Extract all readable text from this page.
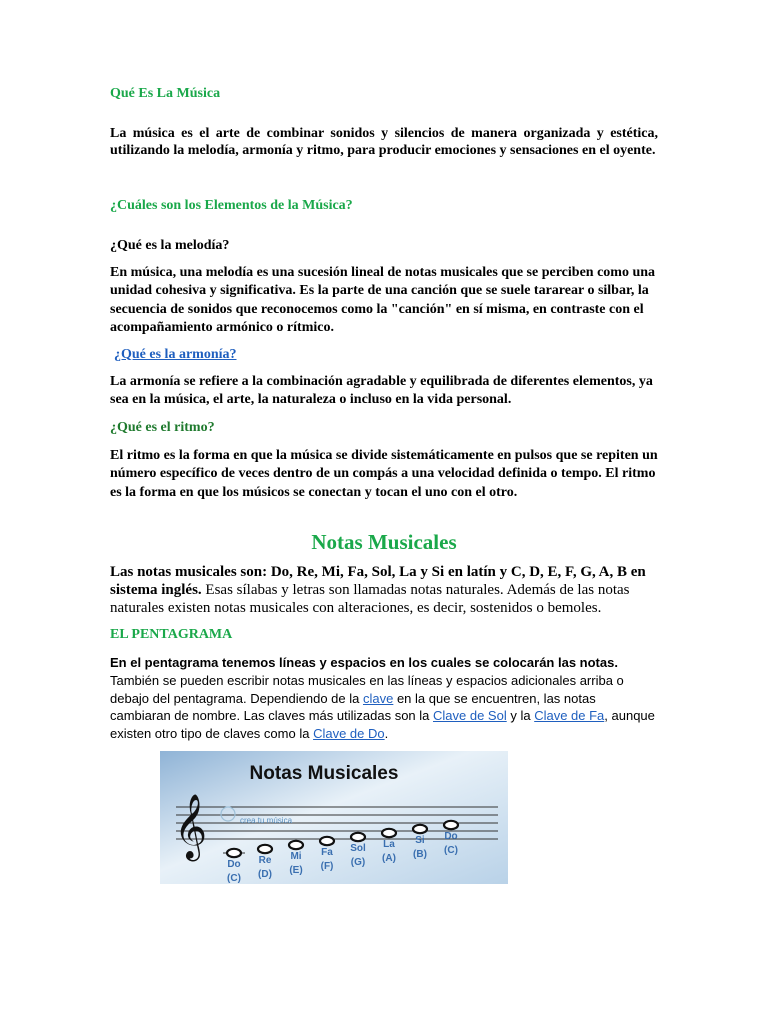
Qué Es La Música

La música es el arte de combinar sonidos y silencios de manera organizada y estética, utilizando la melodía, armonía y ritmo, para producir emociones y sensaciones en el oyente.

¿Cuáles son los Elementos de la Música?

¿Qué es la melodía?

En música, una melodía es una sucesión lineal de notas musicales que se perciben como una unidad cohesiva y significativa. Es la parte de una canción que se suele tararear o silbar, la secuencia de sonidos que reconocemos como la "canción" en sí misma, en contraste con el acompañamiento armónico o rítmico.

¿Qué es la armonía?

La armonía se refiere a la combinación agradable y equilibrada de diferentes elementos, ya sea en la música, el arte, la naturaleza o incluso en la vida personal.

¿Qué es el ritmo?

El ritmo es la forma en que la música se divide sistemáticamente en pulsos que se repiten un número específico de veces dentro de un compás a una velocidad definida o tempo. El ritmo es la forma en que los músicos se conectan y tocan el uno con el otro.

Notas Musicales

Las notas musicales son: Do, Re, Mi, Fa, Sol, La y Si en latín y C, D, E, F, G, A, B en sistema inglés. Esas sílabas y letras son llamadas notas naturales. Además de las notas naturales existen notas musicales con alteraciones, es decir, sostenidos o bemoles.

EL PENTAGRAMA

En el pentagrama tenemos líneas y espacios en los cuales se colocarán las notas. También se pueden escribir notas musicales en las líneas y espacios adicionales arriba o debajo del pentagrama. Dependiendo de la clave en la que se encuentren, las notas cambiaran de nombre. Las claves más utilizadas son la Clave de Sol y la Clave de Fa, aunque existen otro tipo de claves como la Clave de Do.

Notas Musicales
𝄞	crea tu música
Do
(C)
Re
(D)
Mi
(E)
Fa
(F)
Sol
(G)
La
(A)
Si
(B)
Do
(C)
